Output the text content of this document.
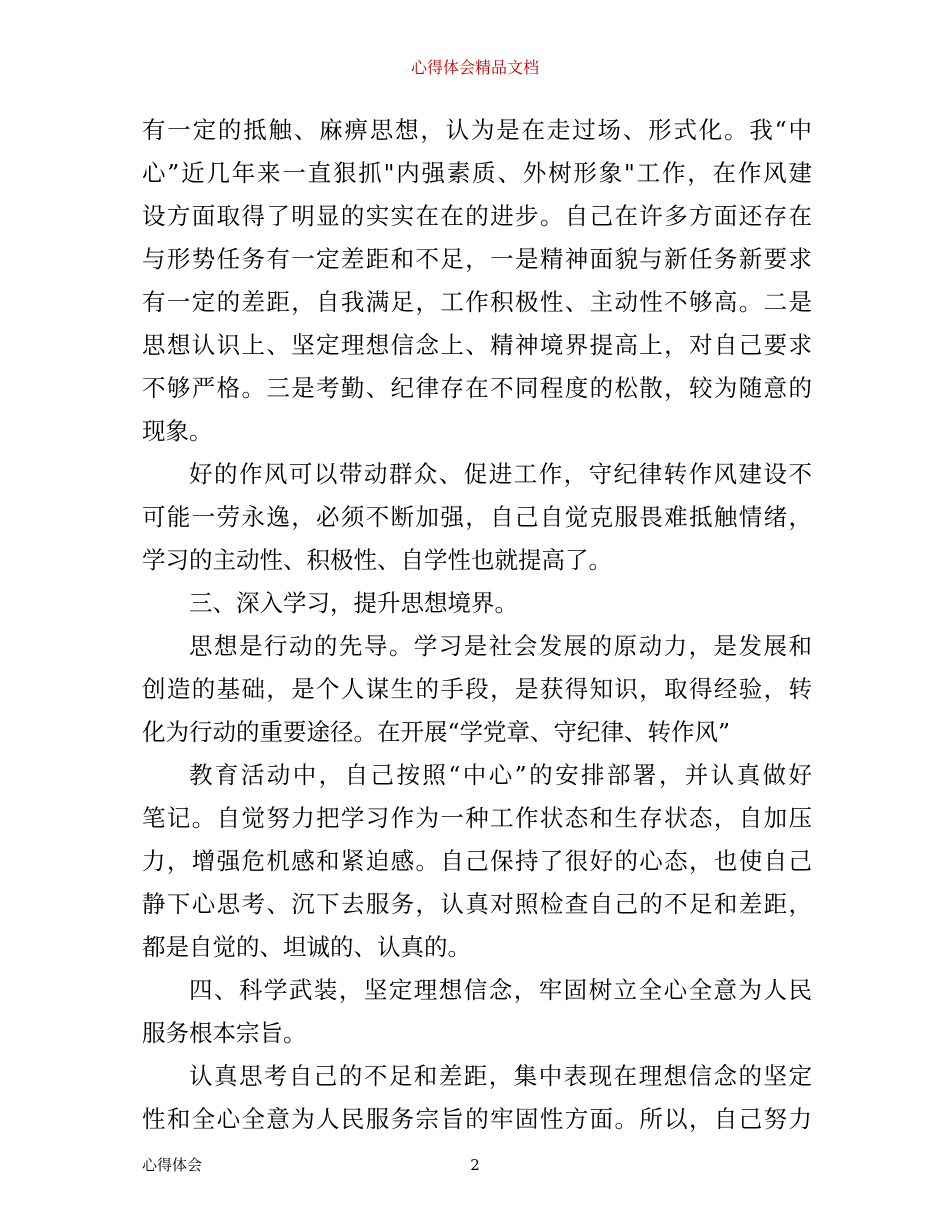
心得体会精品文档
有一定的抵触、麻痹思想，认为是在走过场、形式化。我“中
心”近几年来一直狠抓"内强素质、外树形象"工作，在作风建
设方面取得了明显的实实在在的进步。自己在许多方面还存在
与形势任务有一定差距和不足，一是精神面貌与新任务新要求
有一定的差距，自我满足，工作积极性、主动性不够高。二是
思想认识上、坚定理想信念上、精神境界提高上，对自己要求
不够严格。三是考勤、纪律存在不同程度的松散，较为随意的
现象。
好的作风可以带动群众、促进工作，守纪律转作风建设不
可能一劳永逸，必须不断加强，自己自觉克服畏难抵触情绪，
学习的主动性、积极性、自学性也就提高了。
三、深入学习，提升思想境界。
思想是行动的先导。学习是社会发展的原动力，是发展和
创造的基础，是个人谋生的手段，是获得知识，取得经验，转
化为行动的重要途径。在开展“学党章、守纪律、转作风”
教育活动中，自己按照“中心”的安排部署，并认真做好
笔记。自觉努力把学习作为一种工作状态和生存状态，自加压
力，增强危机感和紧迫感。自己保持了很好的心态，也使自己
静下心思考、沉下去服务，认真对照检查自己的不足和差距，
都是自觉的、坦诚的、认真的。
四、科学武装，坚定理想信念，牢固树立全心全意为人民
服务根本宗旨。
认真思考自己的不足和差距，集中表现在理想信念的坚定
性和全心全意为人民服务宗旨的牢固性方面。所以，自己努力
心得体会	2
